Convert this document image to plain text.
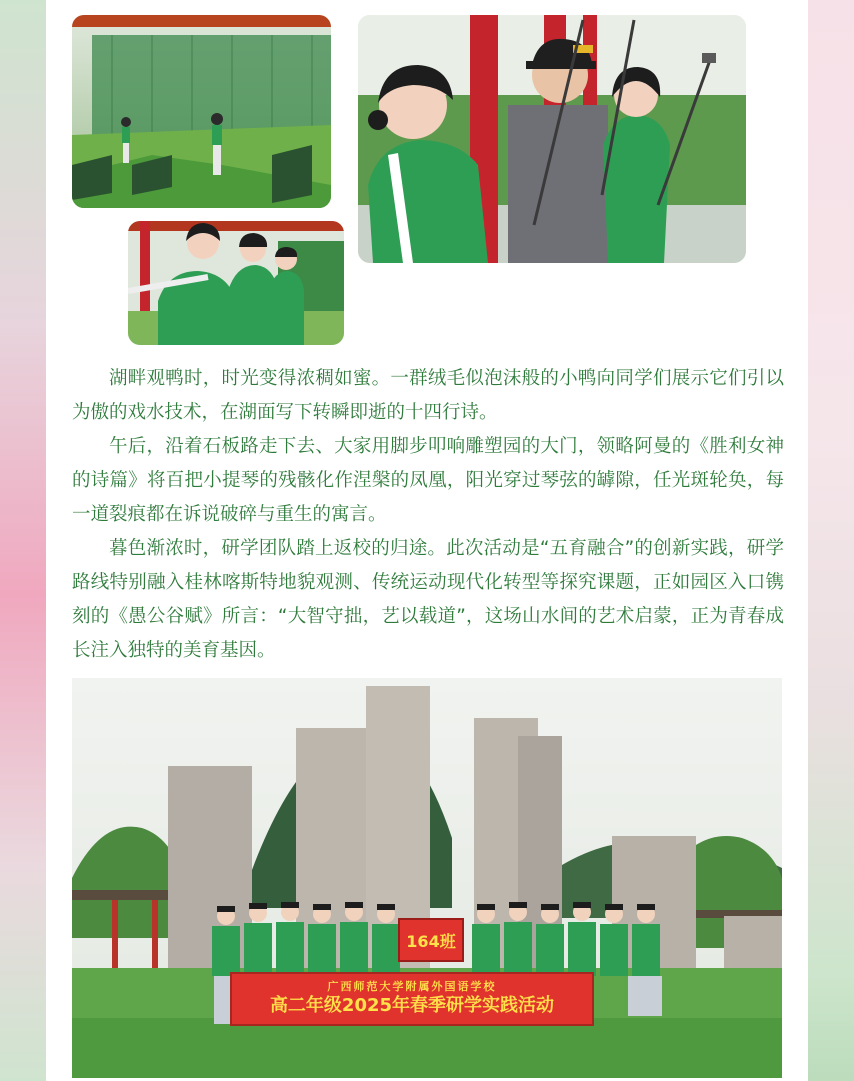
湖畔观鸭时，时光变得浓稠如蜜。一群绒毛似泡沫般的小鸭向同学们展示它们引以为傲的戏水技术，在湖面写下转瞬即逝的十四行诗。

午后，沿着石板路走下去、大家用脚步叩响雕塑园的大门，领略阿曼的《胜利女神的诗篇》将百把小提琴的残骸化作涅槃的凤凰，阳光穿过琴弦的罅隙，任光斑轮奂，每一道裂痕都在诉说破碎与重生的寓言。

暮色渐浓时，研学团队踏上返校的归途。此次活动是“五育融合”的创新实践，研学路线特别融入桂林喀斯特地貌观测、传统运动现代化转型等探究课题，正如园区入口镌刻的《愚公谷赋》所言：“大智守拙，艺以载道”，这场山水间的艺术启蒙，正为青春成长注入独特的美育基因。

164班
广西师范大学附属外国语学校
高二年级2025年春季研学实践活动
